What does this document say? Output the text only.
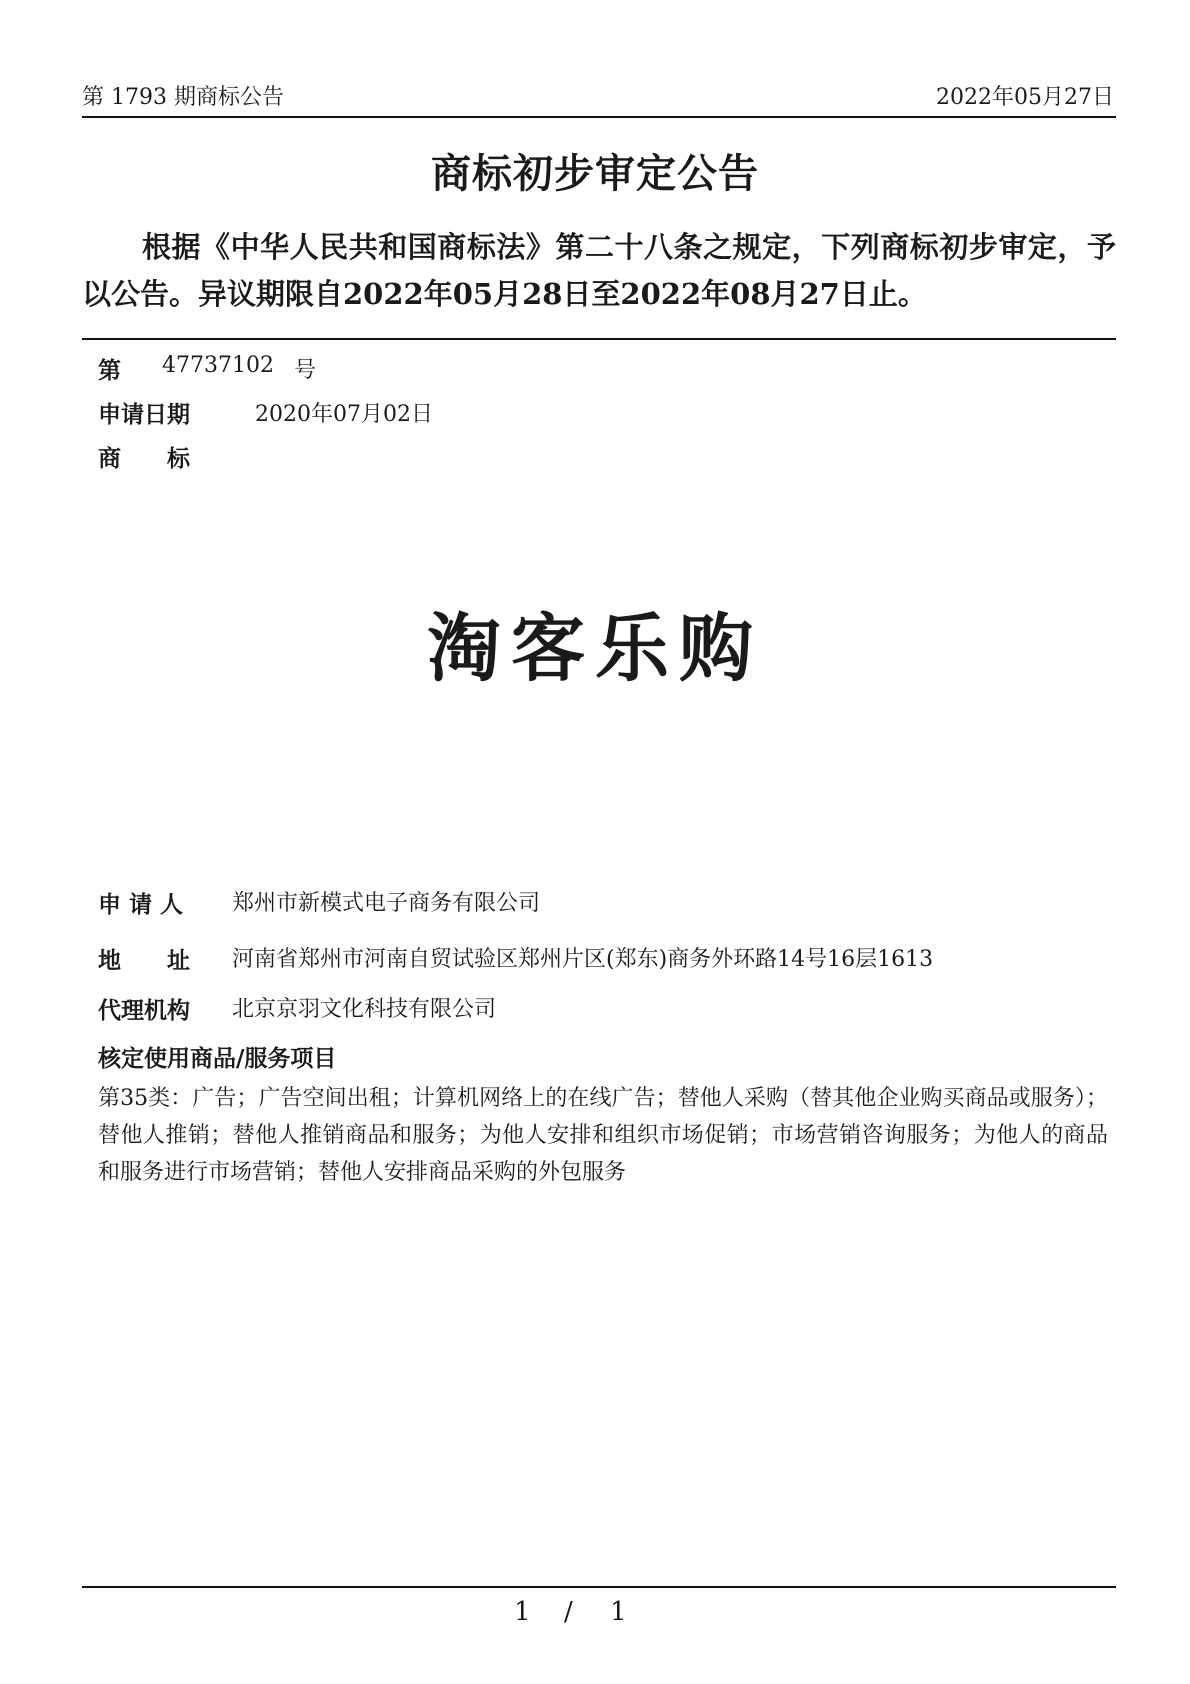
第 1793 期商标公告	2022年05月27日
商标初步审定公告
根据《中华人民共和国商标法》第二十八条之规定，下列商标初步审定，予以公告。异议期限自2022年05月28日至2022年08月27日止。
第 47737102 号
申请日期	2020年07月02日
商　　标
淘客乐购
申 请 人 郑州市新模式电子商务有限公司
地　　址 河南省郑州市河南自贸试验区郑州片区(郑东)商务外环路14号16层1613
代理机构 北京京羽文化科技有限公司
核定使用商品/服务项目
第35类：广告；广告空间出租；计算机网络上的在线广告；替他人采购（替其他企业购买商品或服务）；替他人推销；替他人推销商品和服务；为他人安排和组织市场促销；市场营销咨询服务；为他人的商品和服务进行市场营销；替他人安排商品采购的外包服务
1 / 1
